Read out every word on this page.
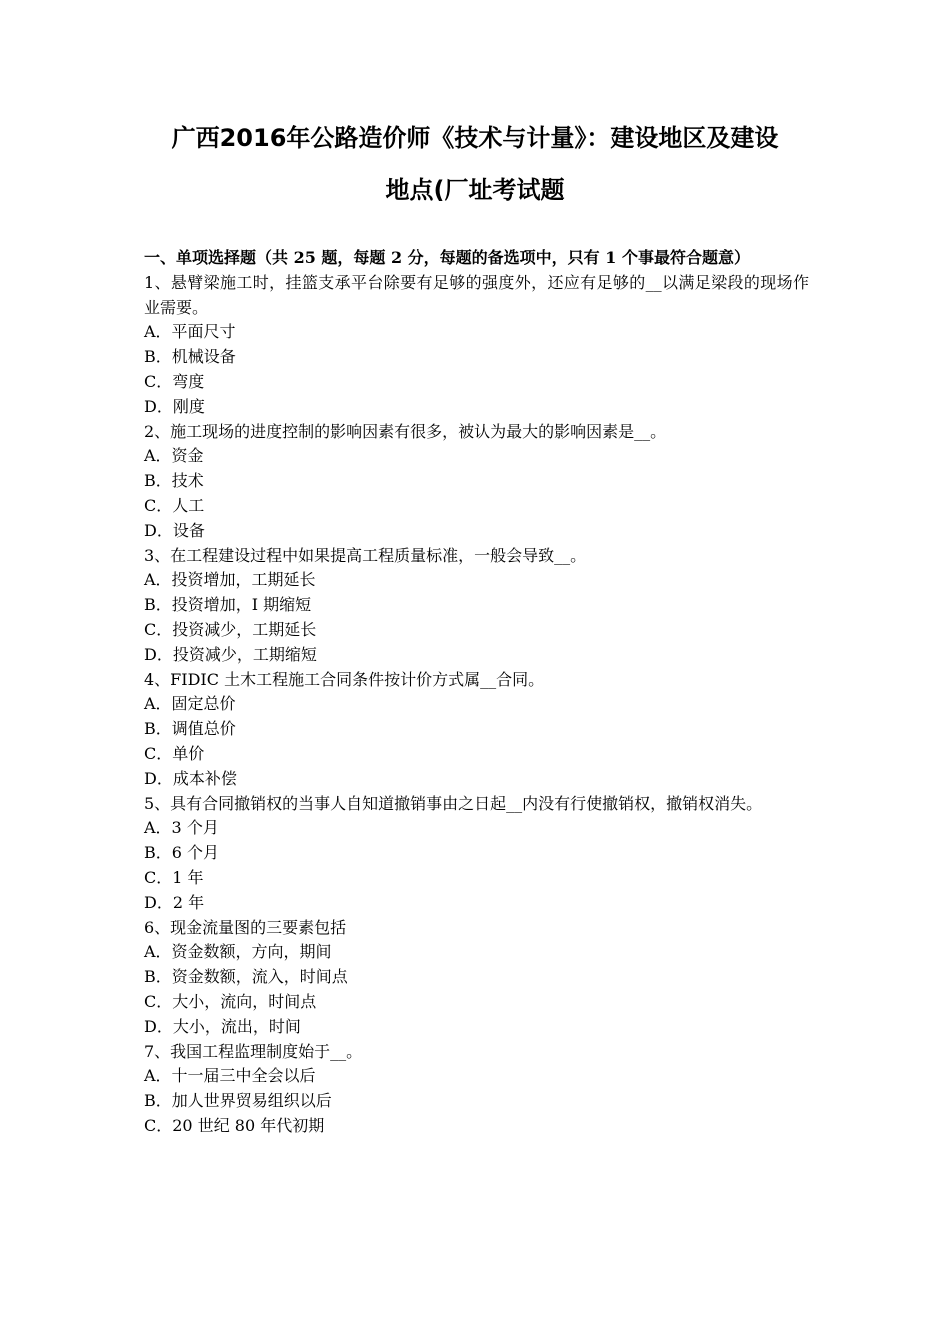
广西2016年公路造价师《技术与计量》：建设地区及建设
地点(厂址考试题

一、单项选择题（共 25 题，每题 2 分，每题的备选项中，只有 1 个事最符合题意）

1、悬臂梁施工时，挂篮支承平台除要有足够的强度外，还应有足够的__以满足梁段的现场作业需要。

A．平面尺寸

B．机械设备

C．弯度

D．刚度

2、施工现场的进度控制的影响因素有很多，被认为最大的影响因素是__。

A．资金

B．技术

C．人工

D．设备

3、在工程建设过程中如果提高工程质量标准，一般会导致__。

A．投资增加，工期延长

B．投资增加，I 期缩短

C．投资减少，工期延长

D．投资减少，工期缩短

4、FIDIC 土木工程施工合同条件按计价方式属__合同。

A．固定总价

B．调值总价

C．单价

D．成本补偿

5、具有合同撤销权的当事人自知道撤销事由之日起__内没有行使撤销权，撤销权消失。

A．3 个月

B．6 个月

C．1 年

D．2 年

6、现金流量图的三要素包括

A．资金数额，方向，期间

B．资金数额，流入，时间点

C．大小，流向，时间点

D．大小，流出，时间

7、我国工程监理制度始于__。

A．十一届三中全会以后

B．加人世界贸易组织以后

C．20 世纪 80 年代初期
